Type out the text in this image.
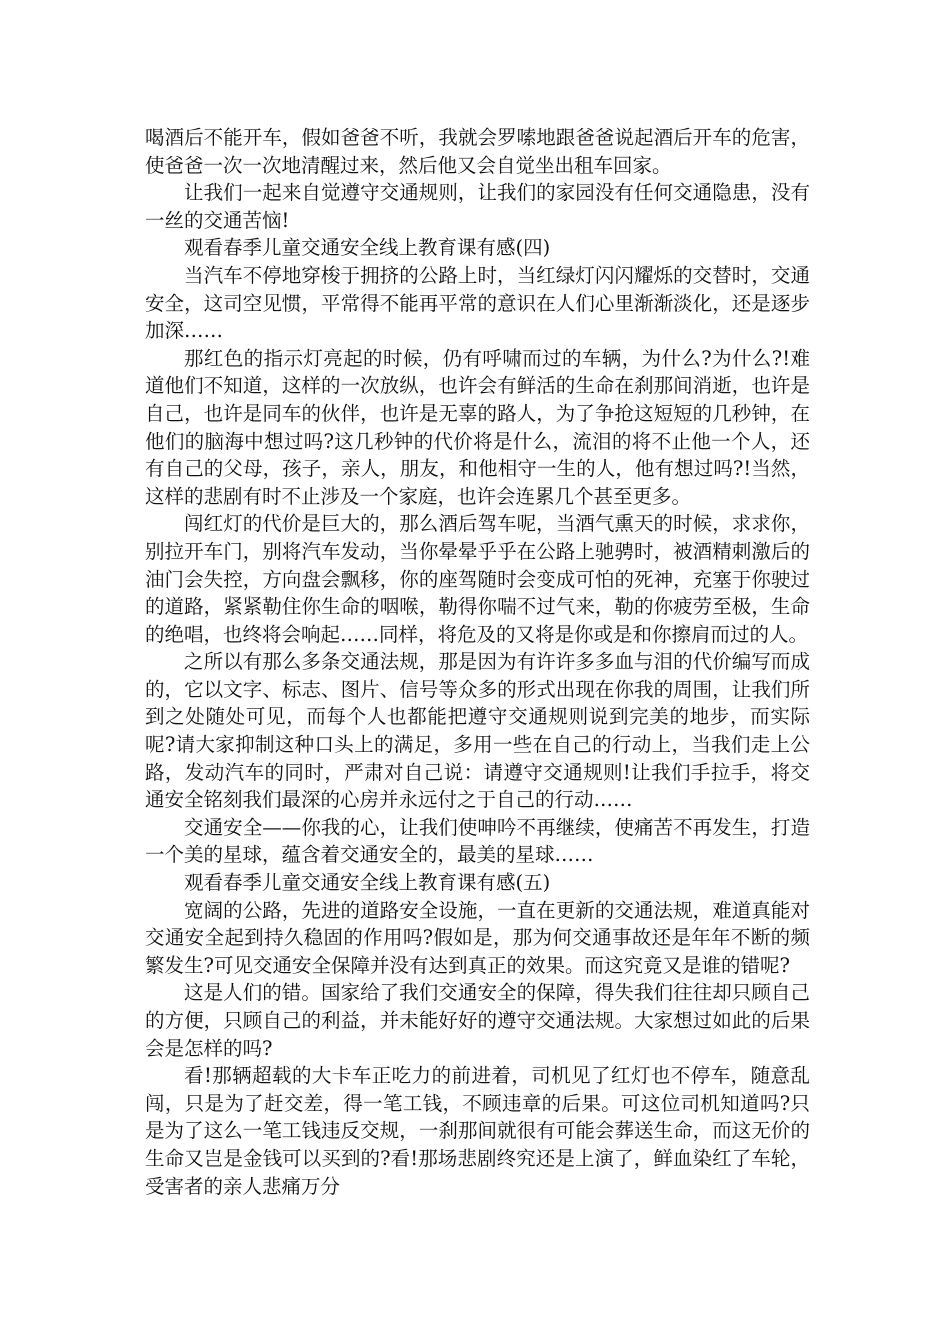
喝酒后不能开车，假如爸爸不听，我就会罗嗦地跟爸爸说起酒后开车的危害，使爸爸一次一次地清醒过来，然后他又会自觉坐出租车回家。

让我们一起来自觉遵守交通规则，让我们的家园没有任何交通隐患，没有一丝的交通苦恼!

观看春季儿童交通安全线上教育课有感(四)

当汽车不停地穿梭于拥挤的公路上时，当红绿灯闪闪耀烁的交替时，交通安全，这司空见惯，平常得不能再平常的意识在人们心里渐渐淡化，还是逐步加深……

那红色的指示灯亮起的时候，仍有呼啸而过的车辆，为什么?为什么?!难道他们不知道，这样的一次放纵，也许会有鲜活的生命在刹那间消逝，也许是自己，也许是同车的伙伴，也许是无辜的路人，为了争抢这短短的几秒钟，在他们的脑海中想过吗?这几秒钟的代价将是什么，流泪的将不止他一个人，还有自己的父母，孩子，亲人，朋友，和他相守一生的人，他有想过吗?!当然，这样的悲剧有时不止涉及一个家庭，也许会连累几个甚至更多。

闯红灯的代价是巨大的，那么酒后驾车呢，当酒气熏天的时候，求求你，别拉开车门，别将汽车发动，当你晕晕乎乎在公路上驰骋时，被酒精刺激后的油门会失控，方向盘会飘移，你的座驾随时会变成可怕的死神，充塞于你驶过的道路，紧紧勒住你生命的咽喉，勒得你喘不过气来，勒的你疲劳至极，生命的绝唱，也终将会响起……同样，将危及的又将是你或是和你擦肩而过的人。

之所以有那么多条交通法规，那是因为有许许多多血与泪的代价编写而成的，它以文字、标志、图片、信号等众多的形式出现在你我的周围，让我们所到之处随处可见，而每个人也都能把遵守交通规则说到完美的地步，而实际呢?请大家抑制这种口头上的满足，多用一些在自己的行动上，当我们走上公路，发动汽车的同时，严肃对自己说：请遵守交通规则!让我们手拉手，将交通安全铭刻我们最深的心房并永远付之于自己的行动……

交通安全——你我的心，让我们使呻吟不再继续，使痛苦不再发生，打造一个美的星球，蕴含着交通安全的，最美的星球……

观看春季儿童交通安全线上教育课有感(五)

宽阔的公路，先进的道路安全设施，一直在更新的交通法规，难道真能对交通安全起到持久稳固的作用吗?假如是，那为何交通事故还是年年不断的频繁发生?可见交通安全保障并没有达到真正的效果。而这究竟又是谁的错呢?

这是人们的错。国家给了我们交通安全的保障，得失我们往往却只顾自己的方便，只顾自己的利益，并未能好好的遵守交通法规。大家想过如此的后果会是怎样的吗?

看!那辆超载的大卡车正吃力的前进着，司机见了红灯也不停车，随意乱闯，只是为了赶交差，得一笔工钱，不顾违章的后果。可这位司机知道吗?只是为了这么一笔工钱违反交规，一刹那间就很有可能会葬送生命，而这无价的生命又岂是金钱可以买到的?看!那场悲剧终究还是上演了，鲜血染红了车轮，受害者的亲人悲痛万分
